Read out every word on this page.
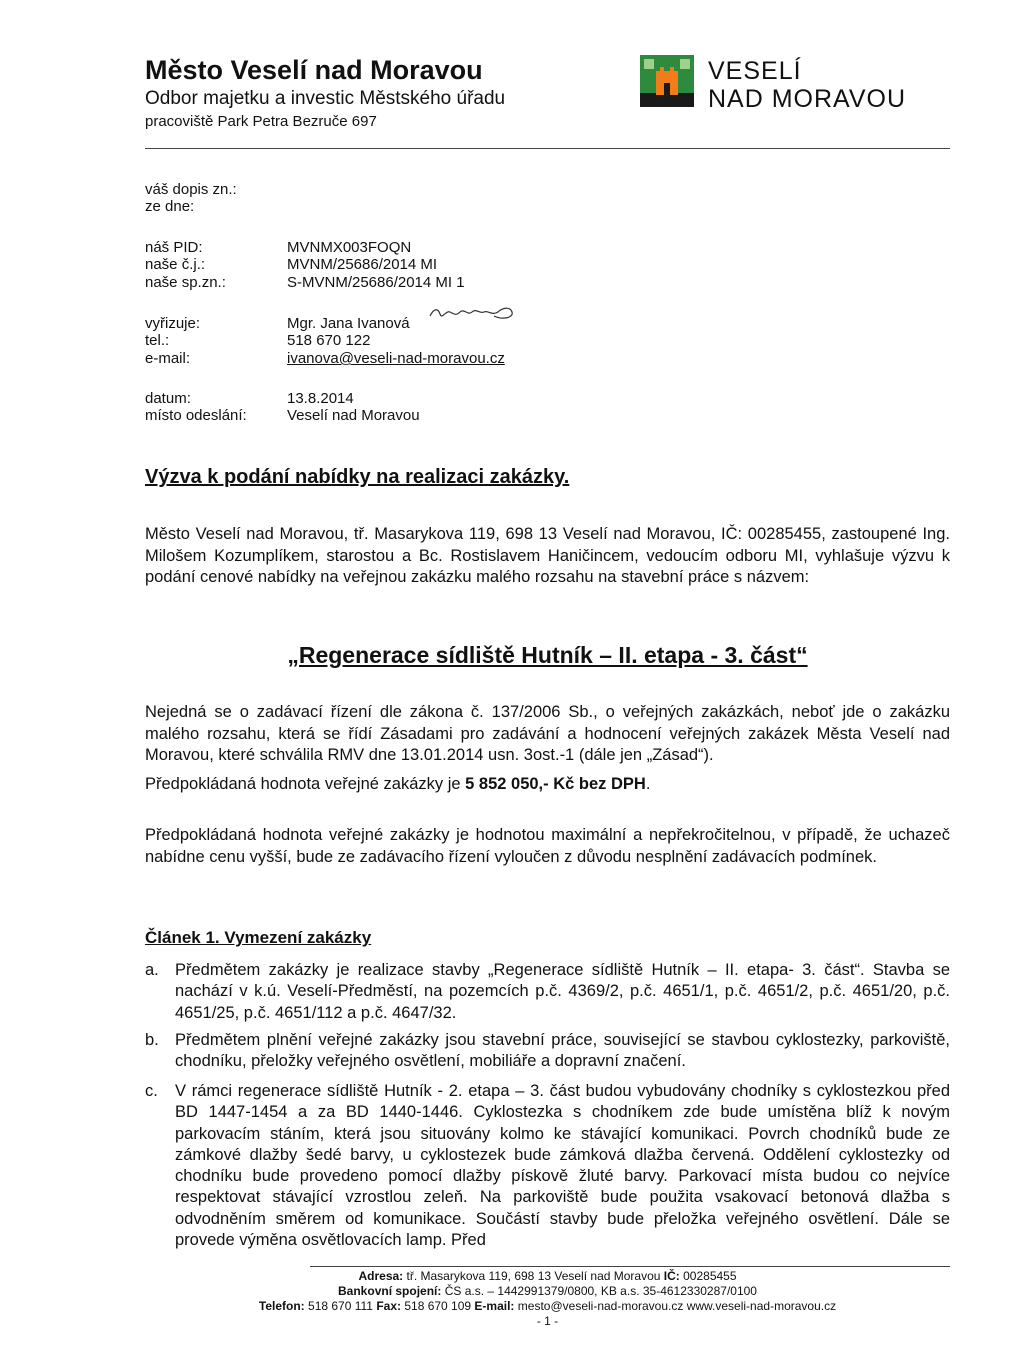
Město Veselí nad Moravou
Odbor majetku a investic Městského úřadu
pracoviště Park Petra Bezruče 697
VESELÍ
NAD MORAVOU
váš dopis zn.:
ze dne:
náš PID:	MVNMX003FOQN
naše č.j.:	MVNM/25686/2014 MI
naše sp.zn.:	S-MVNM/25686/2014 MI 1
vyřizuje:	Mgr. Jana Ivanová
tel.:	518 670 122
e-mail:	ivanova@veseli-nad-moravou.cz
datum:	13.8.2014
místo odeslání:	Veselí nad Moravou
Výzva k podání nabídky na realizaci zakázky.
Město Veselí nad Moravou, tř. Masarykova 119, 698 13 Veselí nad Moravou, IČ: 00285455, zastoupené Ing. Milošem Kozumplíkem, starostou a Bc. Rostislavem Haničincem, vedoucím odboru MI, vyhlašuje výzvu k podání cenové nabídky na veřejnou zakázku malého rozsahu na stavební práce s názvem:
„Regenerace sídliště Hutník – II. etapa - 3. část“
Nejedná se o zadávací řízení dle zákona č. 137/2006 Sb., o veřejných zakázkách, neboť jde o zakázku malého rozsahu, která se řídí Zásadami pro zadávání a hodnocení veřejných zakázek Města Veselí nad Moravou, které schválila RMV dne 13.01.2014 usn. 3ost.-1 (dále jen „Zásad“).
Předpokládaná hodnota veřejné zakázky je 5 852 050,- Kč bez DPH.
Předpokládaná hodnota veřejné zakázky je hodnotou maximální a nepřekročitelnou, v případě, že uchazeč nabídne cenu vyšší, bude ze zadávacího řízení vyloučen z důvodu nesplnění zadávacích podmínek.
Článek 1. Vymezení zakázky
a. Předmětem zakázky je realizace stavby „Regenerace sídliště Hutník – II. etapa- 3. část“. Stavba se nachází v k.ú. Veselí-Předměstí, na pozemcích p.č. 4369/2, p.č. 4651/1, p.č. 4651/2, p.č. 4651/20, p.č. 4651/25, p.č. 4651/112 a p.č. 4647/32.
b. Předmětem plnění veřejné zakázky jsou stavební práce, související se stavbou cyklostezky, parkoviště, chodníku, přeložky veřejného osvětlení, mobiliáře a dopravní značení.
c. V rámci regenerace sídliště Hutník - 2. etapa – 3. část budou vybudovány chodníky s cyklostezkou před BD 1447-1454 a za BD 1440-1446. Cyklostezka s chodníkem zde bude umístěna blíž k novým parkovacím stáním, která jsou situovány kolmo ke stávající komunikaci. Povrch chodníků bude ze zámkové dlažby šedé barvy, u cyklostezek bude zámková dlažba červená. Oddělení cyklostezky od chodníku bude provedeno pomocí dlažby pískově žluté barvy. Parkovací místa budou co nejvíce respektovat stávající vzrostlou zeleň. Na parkoviště bude použita vsakovací betonová dlažba s odvodněním směrem od komunikace. Součástí stavby bude přeložka veřejného osvětlení. Dále se provede výměna osvětlovacích lamp. Před
Adresa: tř. Masarykova 119, 698 13 Veselí nad Moravou IČ: 00285455
Bankovní spojení: ČS a.s. – 1442991379/0800, KB a.s. 35-4612330287/0100
Telefon: 518 670 111 Fax: 518 670 109 E-mail: mesto@veseli-nad-moravou.cz www.veseli-nad-moravou.cz
- 1 -
